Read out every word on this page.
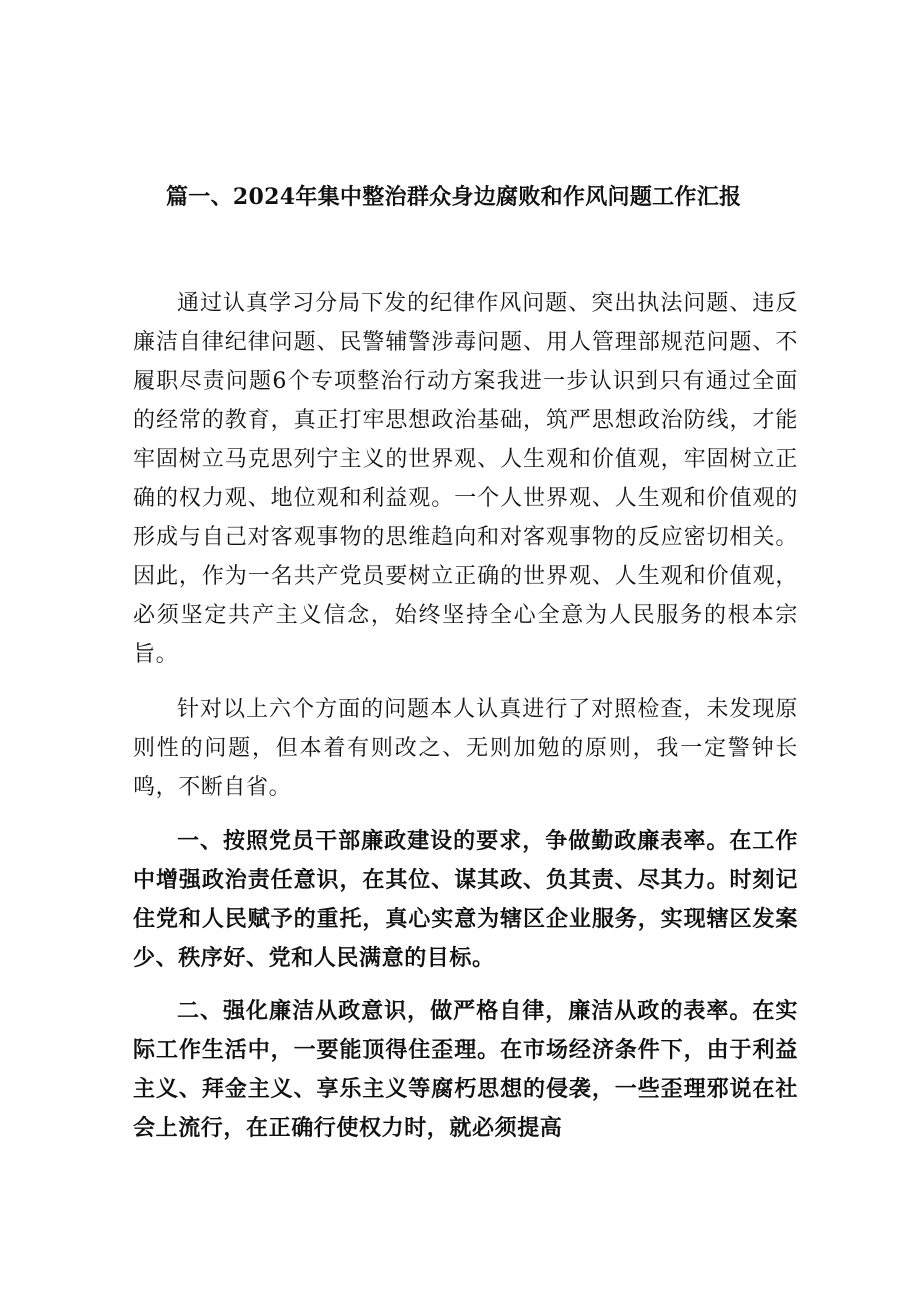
篇一、2024年集中整治群众身边腐败和作风问题工作汇报

通过认真学习分局下发的纪律作风问题、突出执法问题、违反廉洁自律纪律问题、民警辅警涉毒问题、用人管理部规范问题、不履职尽责问题6个专项整治行动方案我进一步认识到只有通过全面的经常的教育，真正打牢思想政治基础，筑严思想政治防线，才能牢固树立马克思列宁主义的世界观、人生观和价值观，牢固树立正确的权力观、地位观和利益观。一个人世界观、人生观和价值观的形成与自己对客观事物的思维趋向和对客观事物的反应密切相关。因此，作为一名共产党员要树立正确的世界观、人生观和价值观，必须坚定共产主义信念，始终坚持全心全意为人民服务的根本宗旨。

针对以上六个方面的问题本人认真进行了对照检查，未发现原则性的问题，但本着有则改之、无则加勉的原则，我一定警钟长鸣，不断自省。

一、按照党员干部廉政建设的要求，争做勤政廉表率。在工作中增强政治责任意识，在其位、谋其政、负其责、尽其力。时刻记住党和人民赋予的重托，真心实意为辖区企业服务，实现辖区发案少、秩序好、党和人民满意的目标。

二、强化廉洁从政意识，做严格自律，廉洁从政的表率。在实际工作生活中，一要能顶得住歪理。在市场经济条件下，由于利益主义、拜金主义、享乐主义等腐朽思想的侵袭，一些歪理邪说在社会上流行，在正确行使权力时，就必须提高
